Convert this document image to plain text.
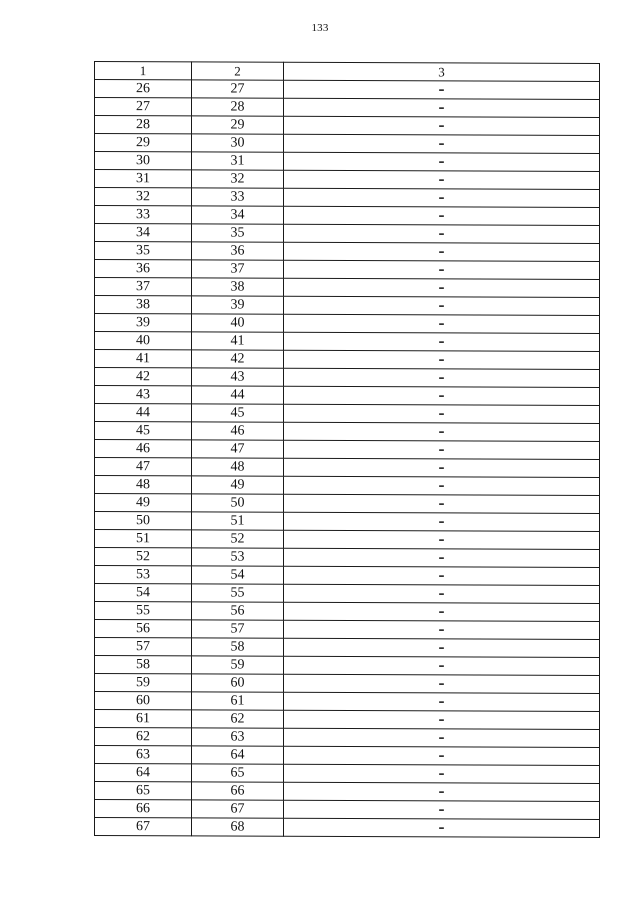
133
1	2	3
26	27	–
27	28	–
28	29	–
29	30	–
30	31	–
31	32	–
32	33	–
33	34	–
34	35	–
35	36	–
36	37	–
37	38	–
38	39	–
39	40	–
40	41	–
41	42	–
42	43	–
43	44	–
44	45	–
45	46	–
46	47	–
47	48	–
48	49	–
49	50	–
50	51	–
51	52	–
52	53	–
53	54	–
54	55	–
55	56	–
56	57	–
57	58	–
58	59	–
59	60	–
60	61	–
61	62	–
62	63	–
63	64	–
64	65	–
65	66	–
66	67	–
67	68	–
